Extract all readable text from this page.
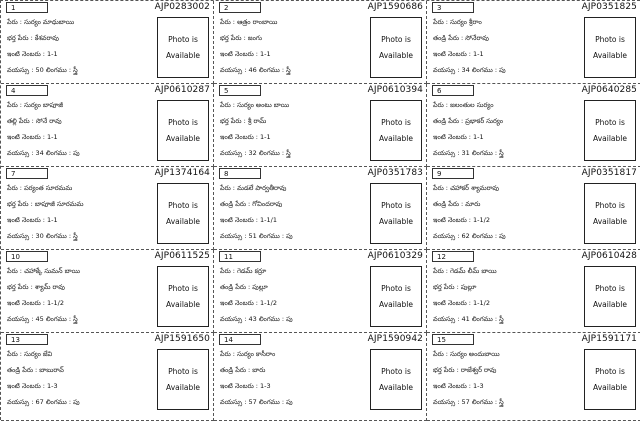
1	AJP0283002
పేరు : సుర్యం మాధుబాయి
భర్త పేరు : కేశవరావు
ఇంటి నెంబరు : 1-1
వయస్సు : 50 లింగము : స్త్రీ
Photo is
Available
2	AJP1590686
పేరు : ఆత్రం రాంబాయి
భర్త పేరు : జంగు
ఇంటి నెంబరు : 1-1
వయస్సు : 46 లింగము : స్త్రీ
Photo is
Available
3	AJP0351825
పేరు : సుర్యం శ్రీరాం
తండ్రి పేరు : సోనేరావు
ఇంటి నెంబరు : 1-1
వయస్సు : 34 లింగము : పు
Photo is
Available
4	AJP0610287
పేరు : సుర్యం బాపూజీ
తల్లి పేరు : సోనే రావు
ఇంటి నెంబరు : 1-1
వయస్సు : 34 లింగము : పు
Photo is
Available
5	AJP0610394
పేరు : సుర్యం అంటు బాయి
భర్త పేరు : శ్రీ రామ్
ఇంటి నెంబరు : 1-1
వయస్సు : 32 లింగము : స్త్రీ
Photo is
Available
6	AJP0640285
పేరు : జలంతుల సుర్యం
తండ్రి పేరు : ప్రభాకర్ సుర్యం
ఇంటి నెంబరు : 1-1
వయస్సు : 31 లింగము : స్త్రీ
Photo is
Available
7	AJP1374164
పేరు : పర్యంత సూరమమ
భర్త పేరు : బాపూజీ సూరమమ
ఇంటి నెంబరు : 1-1
వయస్సు : 30 లింగము : స్త్రీ
Photo is
Available
8	AJP0351783
పేరు : మడలే పార్వతీరావు
తండ్రి పేరు : గోవిందరావు
ఇంటి నెంబరు : 1-1/1
వయస్సు : 51 లింగము : పు
Photo is
Available
9	AJP0351817
పేరు : చహాకర్ శ్యామరావు
తండ్రి పేరు : మారు
ఇంటి నెంబరు : 1-1/2
వయస్సు : 62 లింగము : పు
Photo is
Available
10	AJP0611525
పేరు : చహాక్కే సుమన్ బాయి
భర్త పేరు : శ్యామ్ రావు
ఇంటి నెంబరు : 1-1/2
వయస్సు : 45 లింగము : స్త్రీ
Photo is
Available
11	AJP0610329
పేరు : గెడమ్ కర్రూ
తండ్రి పేరు : పుల్లూ
ఇంటి నెంబరు : 1-1/2
వయస్సు : 43 లింగము : పు
Photo is
Available
12	AJP0610428
పేరు : గెడమ్ లీమ్ బాయి
భర్త పేరు : పుల్లూ
ఇంటి నెంబరు : 1-1/2
వయస్సు : 41 లింగము : స్త్రీ
Photo is
Available
13	AJP1591650
పేరు : సుర్యం జేవి
తండ్రి పేరు : బాబురావ్
ఇంటి నెంబరు : 1-3
వయస్సు : 67 లింగము : పు
Photo is
Available
14	AJP1590942
పేరు : సుర్యం కాసీరాం
తండ్రి పేరు : బారు
ఇంటి నెంబరు : 1-3
వయస్సు : 57 లింగము : పు
Photo is
Available
15	AJP1591171
పేరు : సుర్యం అందుబాయి
భర్త పేరు : రాజేశ్వర్ రావు
ఇంటి నెంబరు : 1-3
వయస్సు : 57 లింగము : స్త్రీ
Photo is
Available
